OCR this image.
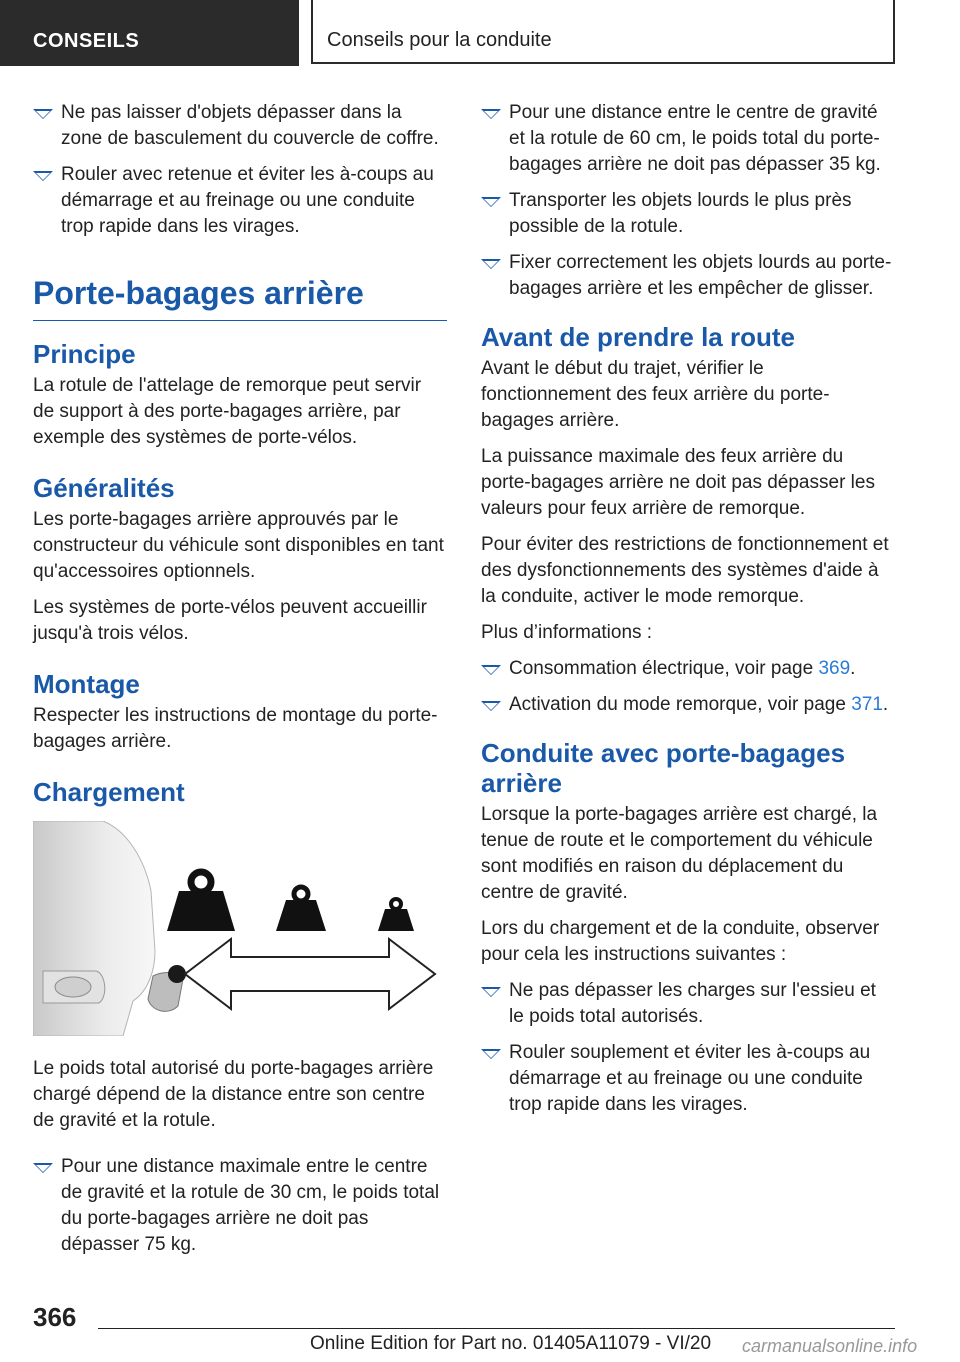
CONSEILS	Conseils pour la conduite
Ne pas laisser d'objets dépasser dans la zone de basculement du couvercle de coffre.
Rouler avec retenue et éviter les à-coups au démarrage et au freinage ou une conduite trop rapide dans les virages.
Porte-bagages arrière
Principe
La rotule de l'attelage de remorque peut servir de support à des porte-bagages arrière, par exemple des systèmes de porte-vélos.
Généralités
Les porte-bagages arrière approuvés par le constructeur du véhicule sont disponibles en tant qu'accessoires optionnels.
Les systèmes de porte-vélos peuvent accueillir jusqu'à trois vélos.
Montage
Respecter les instructions de montage du porte-bagages arrière.
Chargement
Le poids total autorisé du porte-bagages arrière chargé dépend de la distance entre son centre de gravité et la rotule.
Pour une distance maximale entre le centre de gravité et la rotule de 30 cm, le poids total du porte-bagages arrière ne doit pas dépasser 75 kg.
Pour une distance entre le centre de gravité et la rotule de 60 cm, le poids total du porte-bagages arrière ne doit pas dépasser 35 kg.
Transporter les objets lourds le plus près possible de la rotule.
Fixer correctement les objets lourds au porte-bagages arrière et les empêcher de glisser.
Avant de prendre la route
Avant le début du trajet, vérifier le fonctionnement des feux arrière du porte-bagages arrière.
La puissance maximale des feux arrière du porte-bagages arrière ne doit pas dépasser les valeurs pour feux arrière de remorque.
Pour éviter des restrictions de fonctionnement et des dysfonctionnements des systèmes d'aide à la conduite, activer le mode remorque.
Plus d’informations :
Consommation électrique, voir page 369.
Activation du mode remorque, voir page 371.
Conduite avec porte-bagages arrière
Lorsque la porte-bagages arrière est chargé, la tenue de route et le comportement du véhicule sont modifiés en raison du déplacement du centre de gravité.
Lors du chargement et de la conduite, observer pour cela les instructions suivantes :
Ne pas dépasser les charges sur l'essieu et le poids total autorisés.
Rouler souplement et éviter les à-coups au démarrage et au freinage ou une conduite trop rapide dans les virages.
366
Online Edition for Part no. 01405A11079 - VI/20 carmanualsonline.info
